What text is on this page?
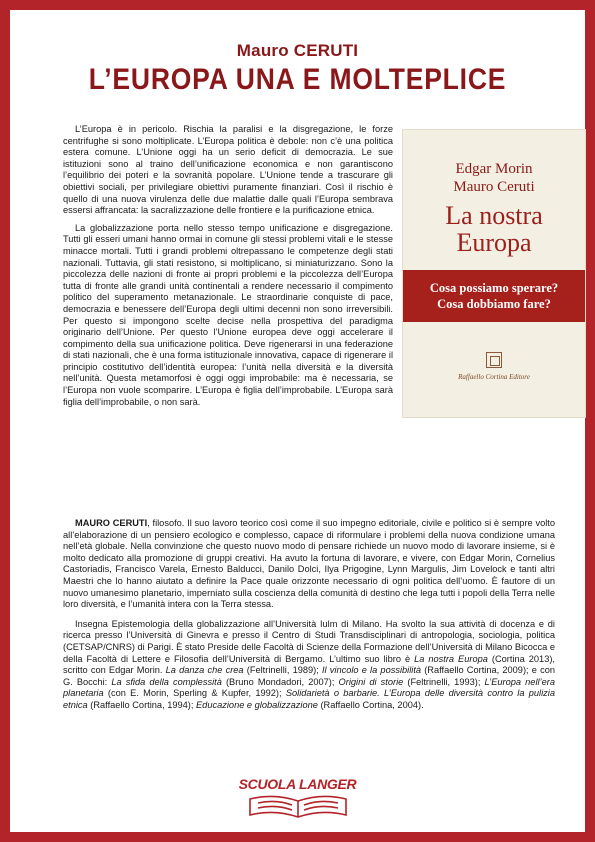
Mauro CERUTI
L’EUROPA UNA E MOLTEPLICE
Edgar Morin
Mauro Ceruti
La nostra
Europa
Cosa possiamo sperare?
Cosa dobbiamo fare?
Raffaello Cortina Editore

L’Europa è in pericolo. Rischia la paralisi e la disgregazione, le forze centrifughe si sono moltiplicate. L’Europa politica è debole: non c’è una politica estera comune. L’Unione oggi ha un serio deficit di democrazia. Le sue istituzioni sono al traino dell’unificazione economica e non garantiscono l’equilibrio dei poteri e la sovranità popolare. L’Unione tende a trascurare gli obiettivi sociali, per privilegiare obiettivi puramente finanziari. Così il rischio è quello di una nuova virulenza delle due malattie dalle quali l’Europa sembrava essersi affrancata: la sacralizzazione delle frontiere e la purificazione etnica.

La globalizzazione porta nello stesso tempo unificazione e disgregazione. Tutti gli esseri umani hanno ormai in comune gli stessi problemi vitali e le stesse minacce mortali. Tutti i grandi problemi oltrepassano le competenze degli stati nazionali. Tuttavia, gli stati resistono, si moltiplicano, si miniaturizzano. Sono la piccolezza delle nazioni di fronte ai propri problemi e la piccolezza dell’Europa tutta di fronte alle grandi unità continentali a rendere necessario il compimento politico del superamento metanazionale. Le straordinarie conquiste di pace, democrazia e benessere dell’Europa degli ultimi decenni non sono irreversibili. Per questo si impongono scelte decise nella prospettiva del paradigma originario dell’Unione. Per questo l’Unione europea deve oggi accelerare il compimento della sua unificazione politica. Deve rigenerarsi in una federazione di stati nazionali, che è una forma istituzionale innovativa, capace di rigenerare il principio costitutivo dell’identità europea: l’unità nella diversità e la diversità nell’unità. Questa metamorfosi è oggi oggi improbabile: ma è necessaria, se l’Europa non vuole scomparire. L’Europa è figlia dell’improbabile. L’Europa sarà figlia dell’improbabile, o non sarà.

MAURO CERUTI, filosofo. Il suo lavoro teorico così come il suo impegno editoriale, civile e politico si è sempre volto all’elaborazione di un pensiero ecologico e complesso, capace di riformulare i problemi della nuova condizione umana nell’età globale. Nella convinzione che questo nuovo modo di pensare richiede un nuovo modo di lavorare insieme, si è molto dedicato alla promozione di gruppi creativi. Ha avuto la fortuna di lavorare, e vivere, con Edgar Morin, Cornelius Castoriadis, Francisco Varela, Ernesto Balducci, Danilo Dolci, Ilya Prigogine, Lynn Margulis, Jim Lovelock e tanti altri Maestri che lo hanno aiutato a definire la Pace quale orizzonte necessario di ogni politica dell’uomo. È fautore di un nuovo umanesimo planetario, imperniato sulla coscienza della comunità di destino che lega tutti i popoli della Terra nelle loro diversità, e l’umanità intera con la Terra stessa.

Insegna Epistemologia della globalizzazione all’Università Iulm di Milano. Ha svolto la sua attività di docenza e di ricerca presso l’Università di Ginevra e presso il Centro di Studi Transdisciplinari di antropologia, sociologia, politica (CETSAP/CNRS) di Parigi. È stato Preside delle Facoltà di Scienze della Formazione dell’Università di Milano Bicocca e della Facoltà di Lettere e Filosofia dell’Università di Bergamo. L’ultimo suo libro è La nostra Europa (Cortina 2013), scritto con Edgar Morin. La danza che crea (Feltrinelli, 1989); Il vincolo e la possibilità (Raffaello Cortina, 2009); e con G. Bocchi: La sfida della complessità (Bruno Mondadori, 2007); Origini di storie (Feltrinelli, 1993); L’Europa nell’era planetaria (con E. Morin, Sperling & Kupfer, 1992); Solidarietà o barbarie. L’Europa delle diversità contro la pulizia etnica (Raffaello Cortina, 1994); Educazione e globalizzazione (Raffaello Cortina, 2004).

SCUOLA LANGER
